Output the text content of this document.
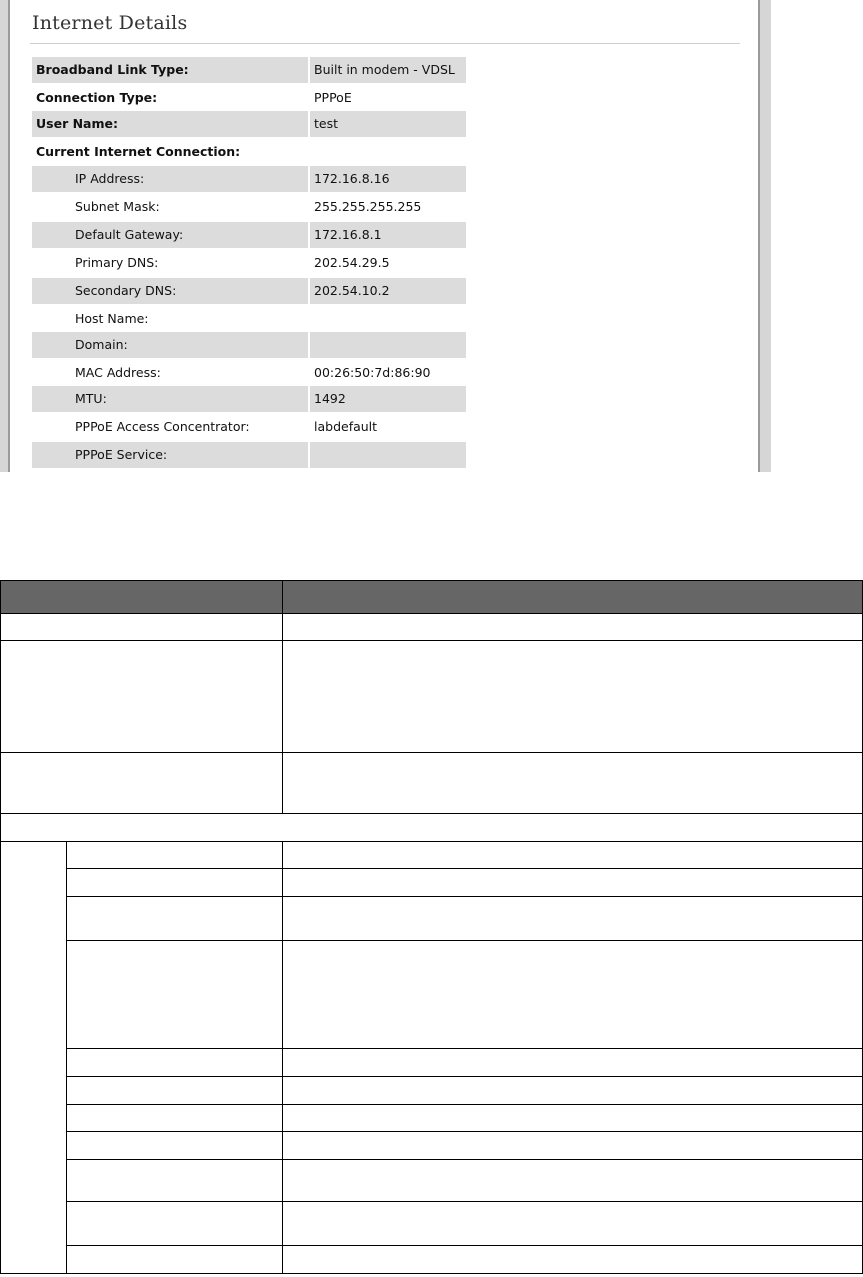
Internet Details
Broadband Link Type:	Built in modem - VDSL
Connection Type:	PPPoE
User Name:	test
Current Internet Connection:
IP Address:	172.16.8.16
Subnet Mask:	255.255.255.255
Default Gateway:	172.16.8.1
Primary DNS:	202.54.29.5
Secondary DNS:	202.54.10.2
Host Name:
Domain:
MAC Address:	00:26:50:7d:86:90
MTU:	1492
PPPoE Access Concentrator:	labdefault
PPPoE Service:
